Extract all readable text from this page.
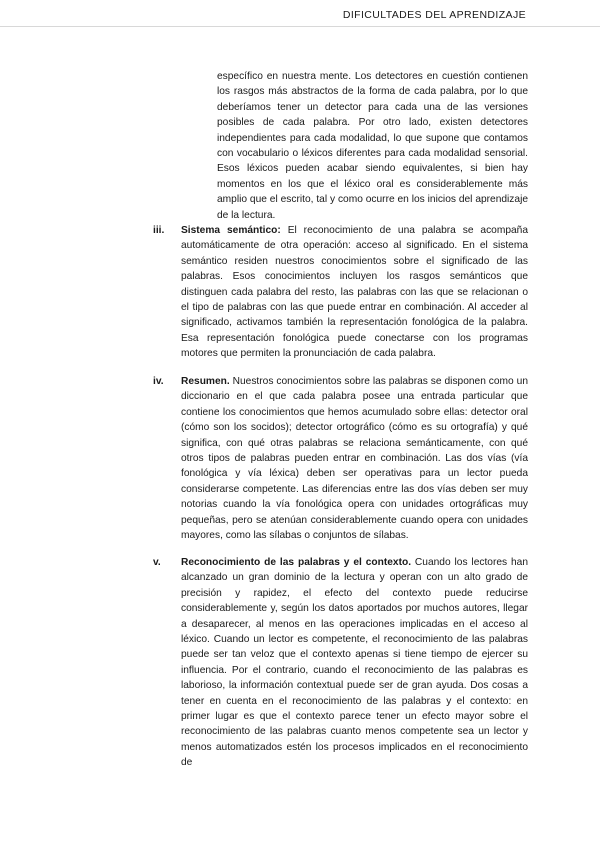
DIFICULTADES DEL APRENDIZAJE

específico en nuestra mente. Los detectores en cuestión contienen los rasgos más abstractos de la forma de cada palabra, por lo que deberíamos tener un detector para cada una de las versiones posibles de cada palabra. Por otro lado, existen detectores independientes para cada modalidad, lo que supone que contamos con vocabulario o léxicos diferentes para cada modalidad sensorial. Esos léxicos pueden acabar siendo equivalentes, si bien hay momentos en los que el léxico oral es considerablemente más amplio que el escrito, tal y como ocurre en los inicios del aprendizaje de la lectura.

iii.	Sistema semántico: El reconocimiento de una palabra se acompaña automáticamente de otra operación: acceso al significado. En el sistema semántico residen nuestros conocimientos sobre el significado de las palabras. Esos conocimientos incluyen los rasgos semánticos que distinguen cada palabra del resto, las palabras con las que se relacionan o el tipo de palabras con las que puede entrar en combinación. Al acceder al significado, activamos también la representación fonológica de la palabra. Esa representación fonológica puede conectarse con los programas motores que permiten la pronunciación de cada palabra.

iv.	Resumen. Nuestros conocimientos sobre las palabras se disponen como un diccionario en el que cada palabra posee una entrada particular que contiene los conocimientos que hemos acumulado sobre ellas: detector oral (cómo son los socidos); detector ortográfico (cómo es su ortografía) y qué significa, con qué otras palabras se relaciona semánticamente, con qué otros tipos de palabras pueden entrar en combinación. Las dos vías (vía fonológica y vía léxica) deben ser operativas para un lector pueda considerarse competente. Las diferencias entre las dos vías deben ser muy notorias cuando la vía fonológica opera con unidades ortográficas muy pequeñas, pero se atenúan considerablemente cuando opera con unidades mayores, como las sílabas o conjuntos de sílabas.

v.	Reconocimiento de las palabras y el contexto. Cuando los lectores han alcanzado un gran dominio de la lectura y operan con un alto grado de precisión y rapidez, el efecto del contexto puede reducirse considerablemente y, según los datos aportados por muchos autores, llegar a desaparecer, al menos en las operaciones implicadas en el acceso al léxico. Cuando un lector es competente, el reconocimiento de las palabras puede ser tan veloz que el contexto apenas si tiene tiempo de ejercer su influencia. Por el contrario, cuando el reconocimiento de las palabras es laborioso, la información contextual puede ser de gran ayuda. Dos cosas a tener en cuenta en el reconocimiento de las palabras y el contexto: en primer lugar es que el contexto parece tener un efecto mayor sobre el reconocimiento de las palabras cuanto menos competente sea un lector y menos automatizados estén los procesos implicados en el reconocimiento de
